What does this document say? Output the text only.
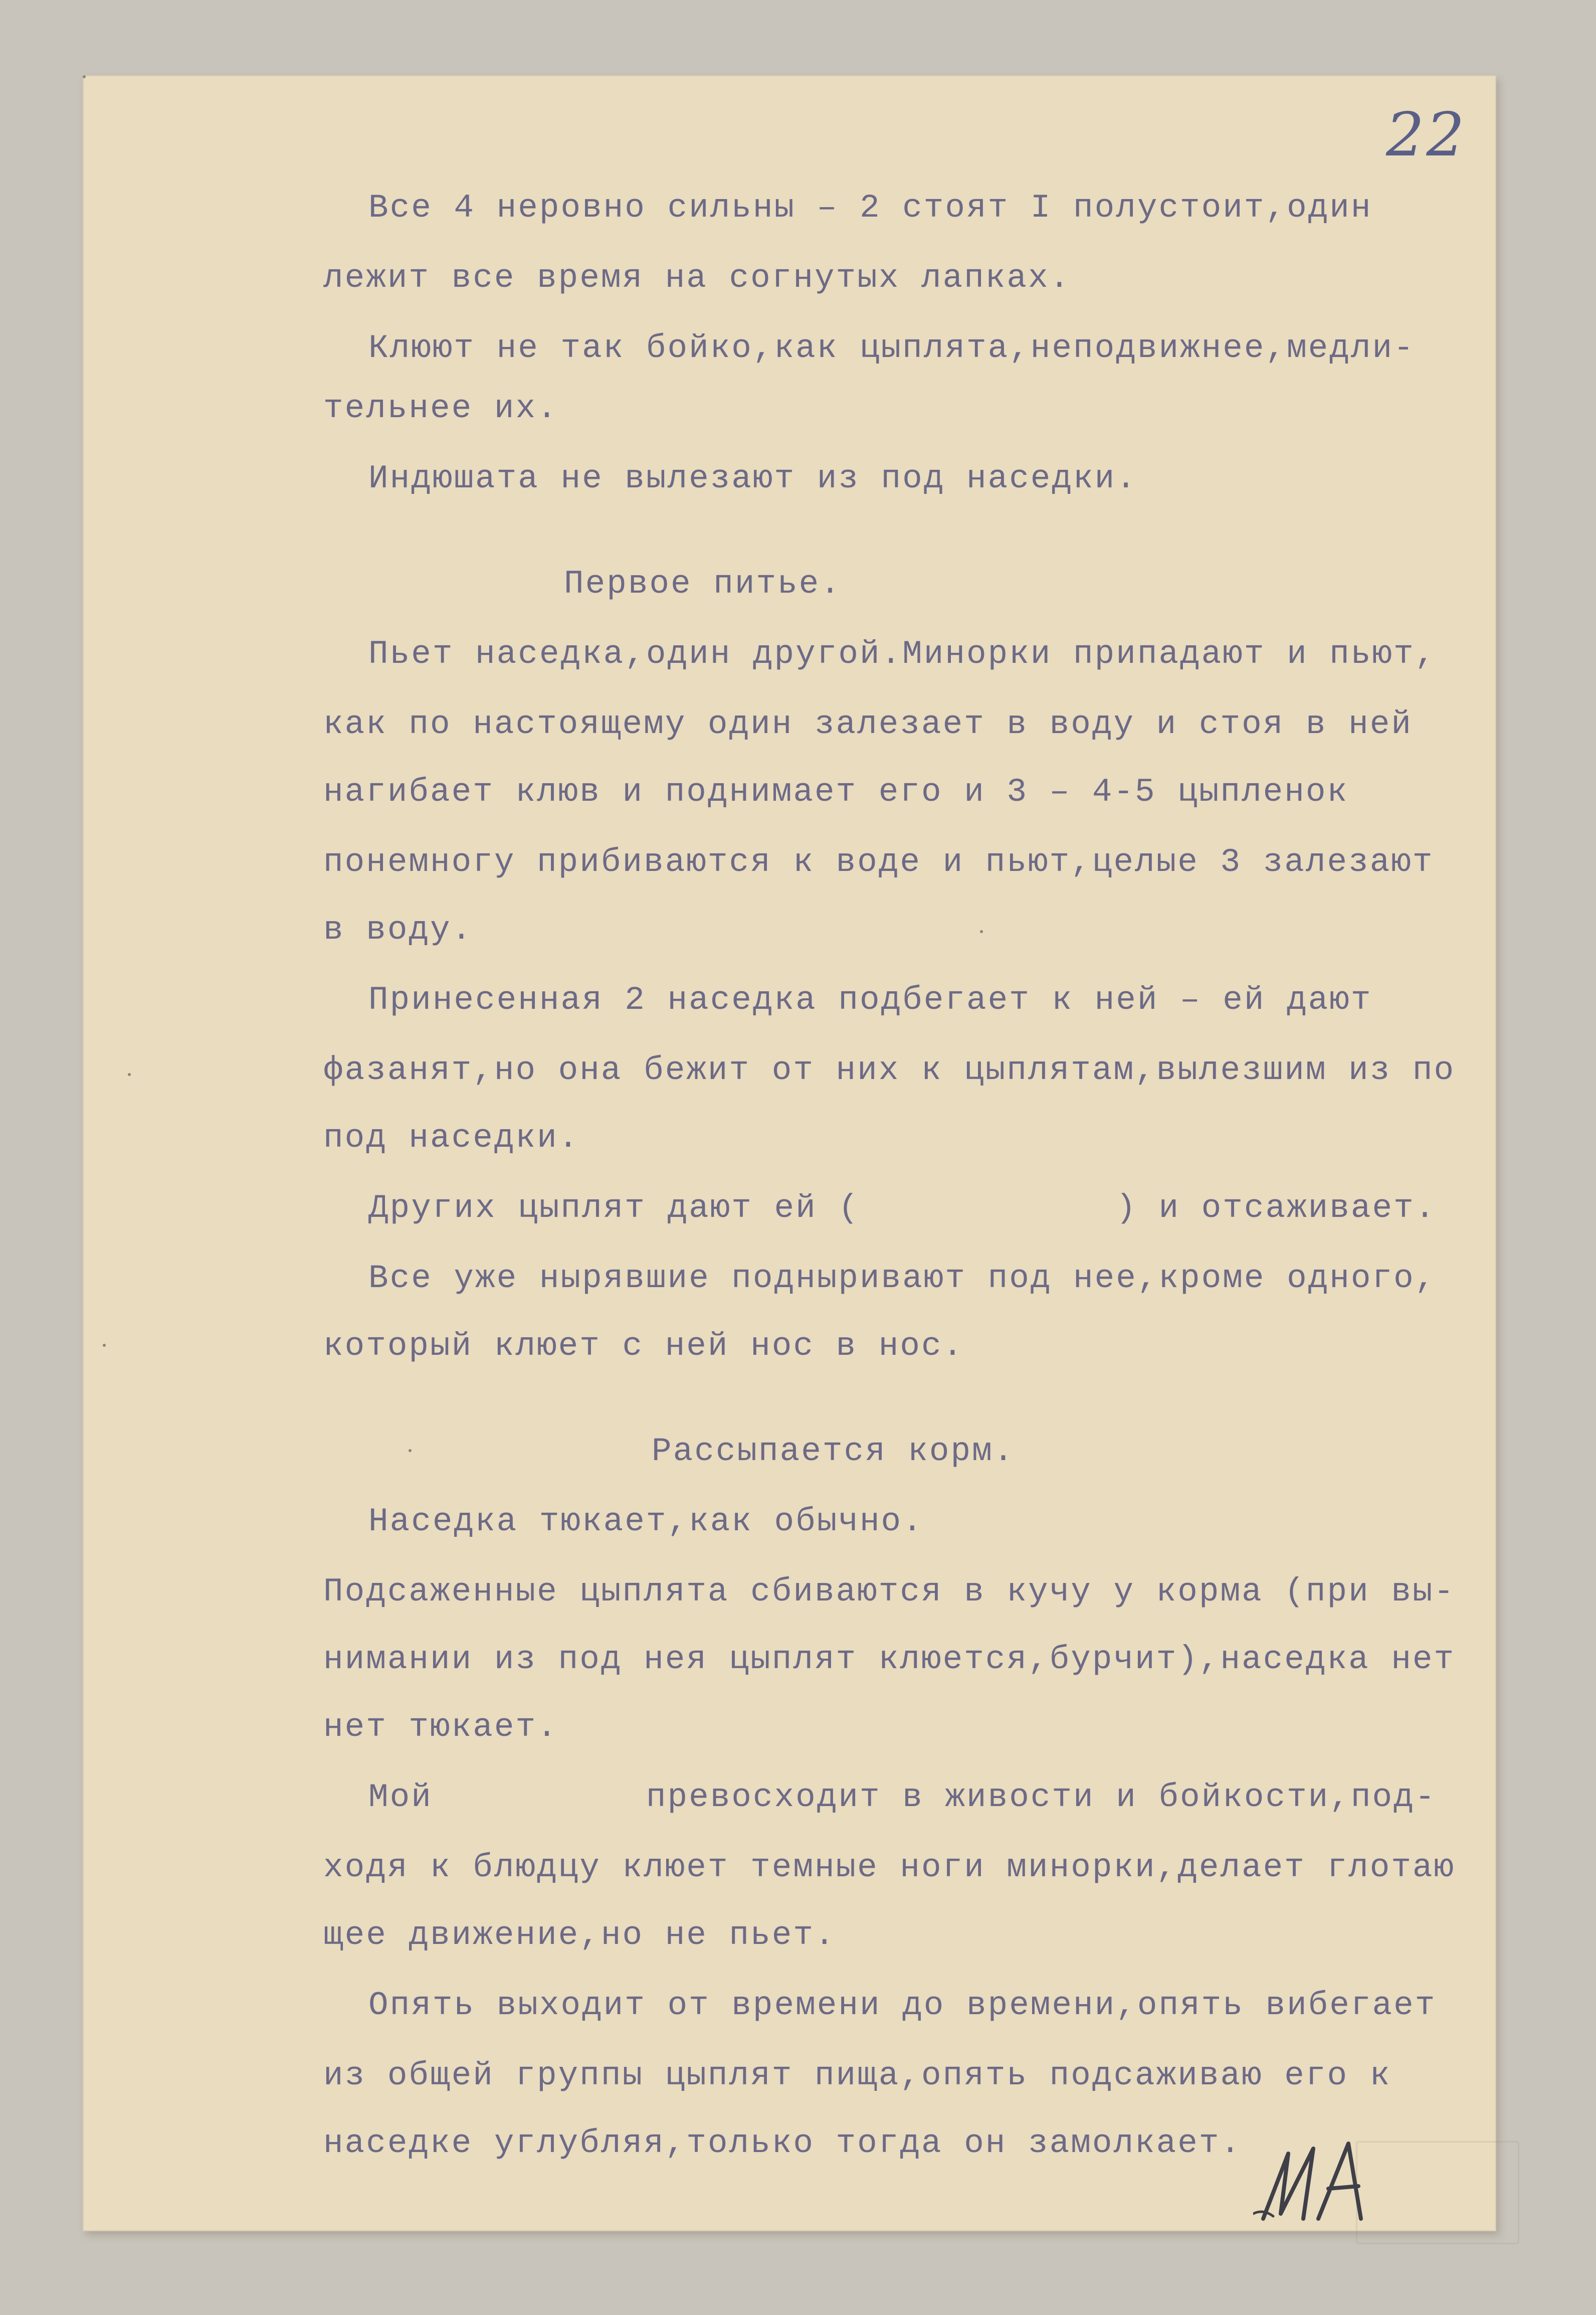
22
Все 4 неровно сильны – 2 стоят I полустоит,один
лежит все время на согнутых лапках.
Клюют не так бойко,как цыплята,неподвижнее,медли-
тельнее их.
Индюшата не вылезают из под наседки.
Первое питье.
Пьет наседка,один другой.Минорки припадают и пьют,
как по настоящему один залезает в воду и стоя в ней
нагибает клюв и поднимает его и 3 – 4-5 цыпленок
понемногу прибиваются к воде и пьют,целые 3 залезают
в воду.
Принесенная 2 наседка подбегает к ней – ей дают
фазанят,но она бежит от них к цыплятам,вылезшим из по
под наседки.
Других цыплят дают ей (            ) и отсаживает.
Все уже нырявшие подныривают под нее,кроме одного,
который клюет с ней нос в нос.
Рассыпается корм.
Наседка тюкает,как обычно.
Подсаженные цыплята сбиваются в кучу у корма (при вы-
нимании из под нея цыплят клюется,бурчит),наседка нет
нет тюкает.
Мой          превосходит в живости и бойкости,под-
ходя к блюдцу клюет темные ноги минорки,делает глотаю
щее движение,но не пьет.
Опять выходит от времени до времени,опять вибегает
из общей группы цыплят пища,опять подсаживаю его к
наседке углубляя,только тогда он замолкает.
